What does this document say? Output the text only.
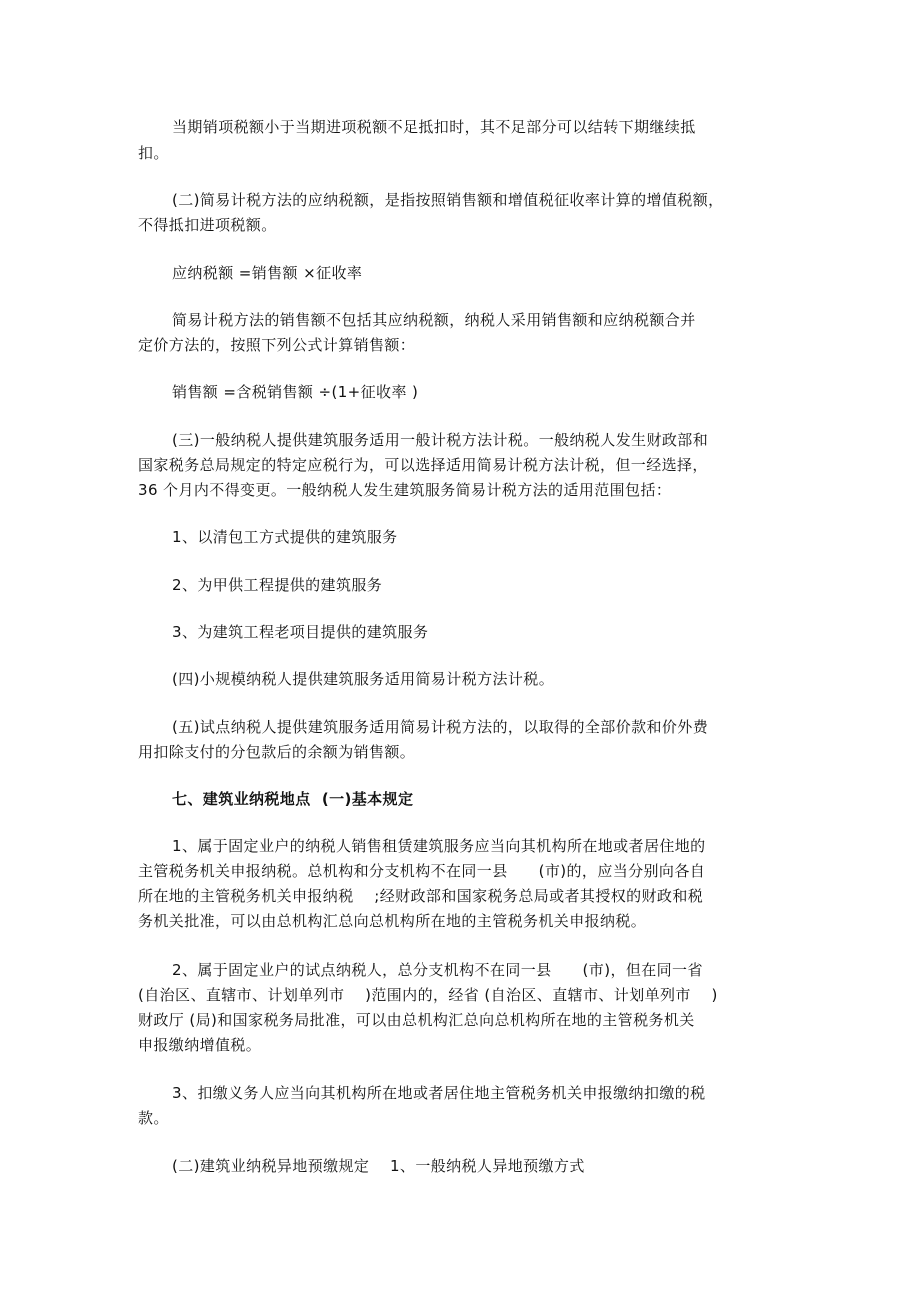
当期销项税额小于当期进项税额不足抵扣时，其不足部分可以结转下期继续抵
扣。
(二)简易计税方法的应纳税额，是指按照销售额和增值税征收率计算的增值税额，
不得抵扣进项税额。
应纳税额 =销售额 ×征收率
简易计税方法的销售额不包括其应纳税额，纳税人采用销售额和应纳税额合并
定价方法的，按照下列公式计算销售额：
销售额 =含税销售额 ÷(1+征收率 )
(三)一般纳税人提供建筑服务适用一般计税方法计税。一般纳税人发生财政部和
国家税务总局规定的特定应税行为，可以选择适用简易计税方法计税，但一经选择，
36 个月内不得变更。一般纳税人发生建筑服务简易计税方法的适用范围包括：
1、以清包工方式提供的建筑服务
2、为甲供工程提供的建筑服务
3、为建筑工程老项目提供的建筑服务
(四)小规模纳税人提供建筑服务适用简易计税方法计税。
(五)试点纳税人提供建筑服务适用简易计税方法的，以取得的全部价款和价外费
用扣除支付的分包款后的余额为销售额。
七、建筑业纳税地点  (一)基本规定
1、属于固定业户的纳税人销售租赁建筑服务应当向其机构所在地或者居住地的
主管税务机关申报纳税。总机构和分支机构不在同一县      (市)的，应当分别向各自
所在地的主管税务机关申报纳税    ;经财政部和国家税务总局或者其授权的财政和税
务机关批准，可以由总机构汇总向总机构所在地的主管税务机关申报纳税。
2、属于固定业户的试点纳税人，总分支机构不在同一县      (市)，但在同一省
(自治区、直辖市、计划单列市    )范围内的，经省 (自治区、直辖市、计划单列市    )
财政厅 (局)和国家税务局批准，可以由总机构汇总向总机构所在地的主管税务机关
申报缴纳增值税。
3、扣缴义务人应当向其机构所在地或者居住地主管税务机关申报缴纳扣缴的税
款。
(二)建筑业纳税异地预缴规定    1、一般纳税人异地预缴方式
